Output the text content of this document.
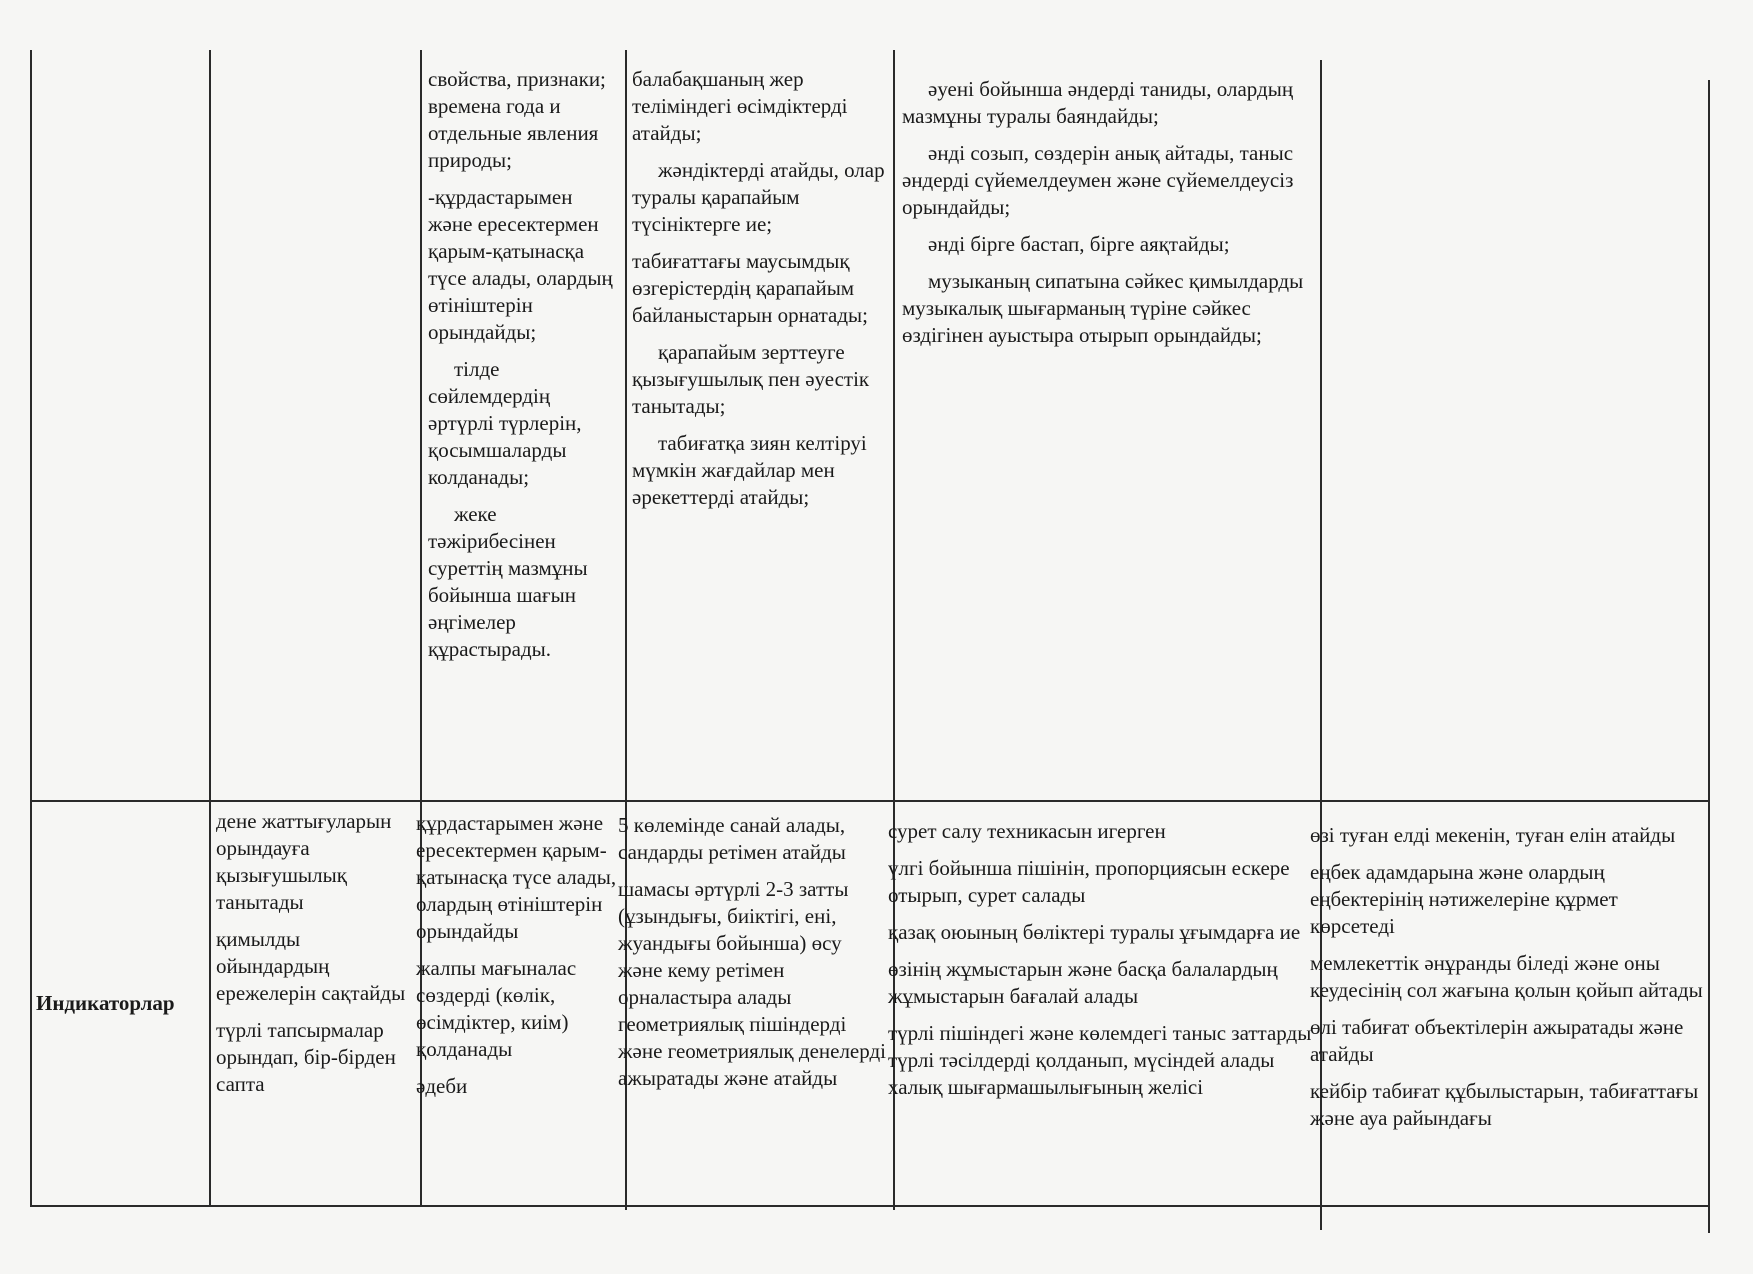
свойства, признаки; времена года и отдельные явления природы;

-құрдастарымен және ересектермен қарым-қатынасқа түсе алады, олардың өтініштерін орындайды;

тілде сөйлемдердің әртүрлі түрлерін, қосымшаларды колданады;

жеке тәжірибесінен суреттің мазмұны бойынша шағын әңгімелер құрастырады.

балабақшаның жер теліміндегі өсімдіктерді атайды;

жәндіктерді атайды, олар туралы қарапайым түсініктерге ие;

табиғаттағы маусымдық өзгерістердің қарапайым байланыстарын орнатады;

қарапайым зерттеуге қызығушылық пен әуестік танытады;

табиғатқа зиян келтіруі мүмкін жағдайлар мен әрекеттерді атайды;

әуені бойынша әндерді таниды, олардың мазмұны туралы баяндайды;

әнді созып, сөздерін анық айтады, таныс әндерді сүйемелдеумен және сүйемелдеусіз орындайды;

әнді бірге бастап, бірге аяқтайды;

музыканың сипатына сәйкес қимылдарды музыкалық шығарманың түріне сәйкес өздігінен ауыстыра отырып орындайды;

Индикаторлар

дене жаттығуларын орындауға қызығушылық танытады

қимылды ойындардың ережелерін сақтайды

түрлі тапсырмалар орындап, бір-бірден сапта

құрдастарымен және ересектермен қарым-қатынасқа түсе алады, олардың өтініштерін орындайды

жалпы мағыналас сөздерді (көлік, өсімдіктер, киім) қолданады

әдеби

5 көлемінде санай алады, сандарды ретімен атайды

шамасы әртүрлі 2-3 затты (ұзындығы, биіктігі, ені, жуандығы бойынша) өсу және кему ретімен орналастыра алады геометриялық пішіндерді және геометриялық денелерді ажыратады және атайды

сурет салу техникасын игерген

үлгі бойынша пішінін, пропорциясын ескере отырып, сурет салады

қазақ оюының бөліктері туралы ұғымдарға ие

өзінің жұмыстарын және басқа балалардың жұмыстарын бағалай алады

түрлі пішіндегі және көлемдегі таныс заттарды түрлі тәсілдерді қолданып, мүсіндей алады

халық шығармашылығының желісі

өзі туған елді мекенін, туған елін атайды

еңбек адамдарына және олардың еңбектерінің нәтижелеріне құрмет көрсетеді

мемлекеттік әнұранды біледі және оны кеудесінің сол жағына қолын қойып айтады

өлі табиғат объектілерін ажыратады және атайды

кейбір табиғат құбылыстарын, табиғаттағы және ауа райындағы
